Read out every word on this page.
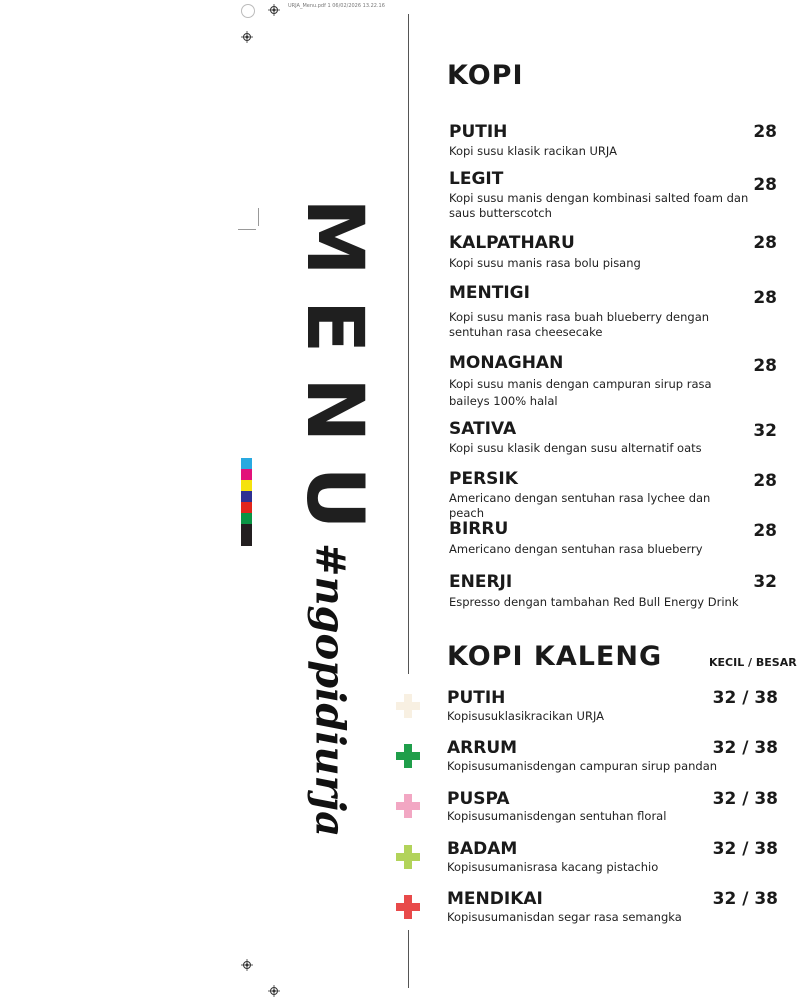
URJA_Menu.pdf 1 06/02/2026 13.22.16
MENU
#ngopidiurja
KOPI
PUTIH
Kopi susu klasik racikan URJA
28
LEGIT
Kopi susu manis dengan kombinasi salted foam dan saus butterscotch
28
KALPATHARU
Kopi susu manis rasa bolu pisang
28
MENTIGI
Kopi susu manis rasa buah blueberry dengan sentuhan rasa cheesecake
28
MONAGHAN
Kopi susu manis dengan campuran sirup rasa baileys 100% halal
28
SATIVA
Kopi susu klasik dengan susu alternatif oats
32
PERSIK
Americano dengan sentuhan rasa lychee dan peach
28
BIRRU
Americano dengan sentuhan rasa blueberry
28
ENERJI
Espresso dengan tambahan Red Bull Energy Drink
32
KOPI KALENG	KECIL / BESAR
PUTIH
Kopisusuklasikracikan URJA
32 / 38
ARRUM
Kopisusumanisdengan campuran sirup pandan
32 / 38
PUSPA
Kopisusumanisdengan sentuhan floral
32 / 38
BADAM
Kopisusumanisrasa kacang pistachio
32 / 38
MENDIKAI
Kopisusumanisdan segar rasa semangka
32 / 38
